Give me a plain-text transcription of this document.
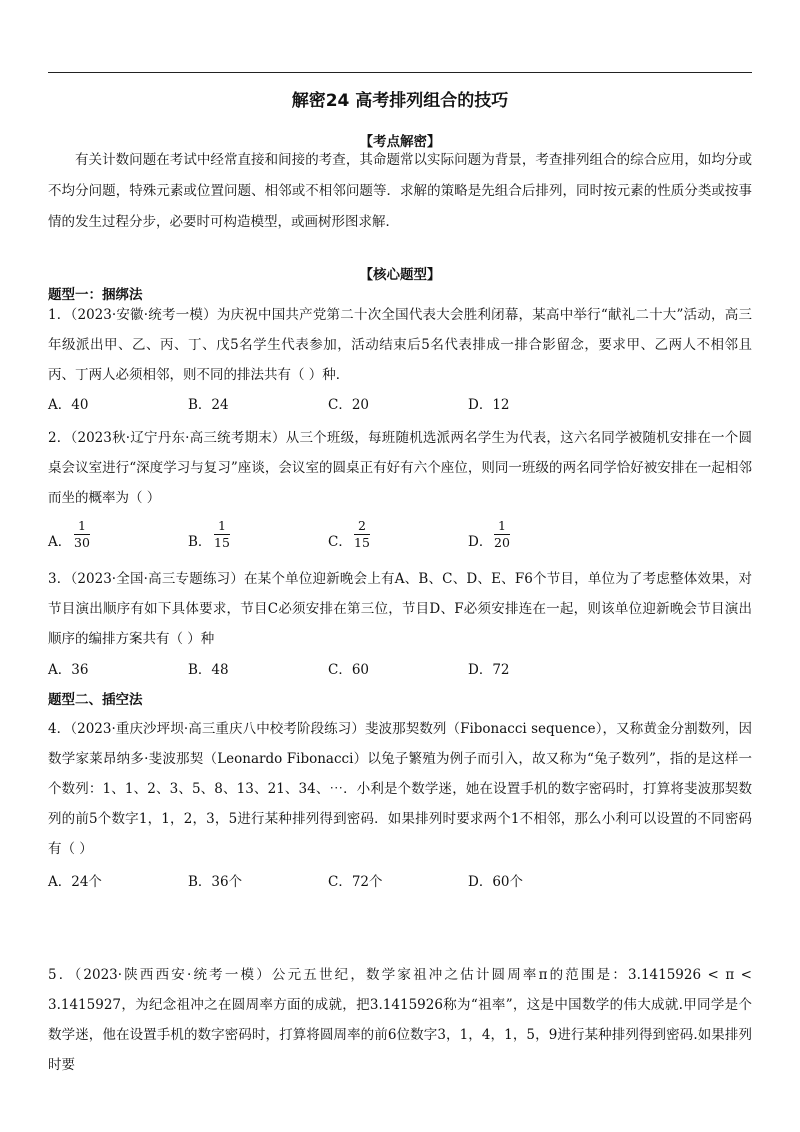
解密24 高考排列组合的技巧
【考点解密】
有关计数问题在考试中经常直接和间接的考查，其命题常以实际问题为背景，考查排列组合的综合应用，如均分或不均分问题，特殊元素或位置问题、相邻或不相邻问题等．求解的策略是先组合后排列，同时按元素的性质分类或按事情的发生过程分步，必要时可构造模型，或画树形图求解．
【核心题型】
题型一：捆绑法
1．（2023·安徽·统考一模）为庆祝中国共产党第二十次全国代表大会胜利闭幕，某高中举行“献礼二十大”活动，高三年级派出甲、乙、丙、丁、戊5名学生代表参加，活动结束后5名代表排成一排合影留念，要求甲、乙两人不相邻且丙、丁两人必须相邻，则不同的排法共有（ ）种．
A．40	B．24	C．20	D．12
2．（2023秋·辽宁丹东·高三统考期末）从三个班级，每班随机选派两名学生为代表，这六名同学被随机安排在一个圆桌会议室进行“深度学习与复习”座谈，会议室的圆桌正有好有六个座位，则同一班级的两名同学恰好被安排在一起相邻而坐的概率为（ ）
A． $\frac{1}{30}$	B． $\frac{1}{15}$	C． $\frac{2}{15}$	D． $\frac{1}{20}$
3．（2023·全国·高三专题练习）在某个单位迎新晚会上有A、B、C、D、E、F6个节目，单位为了考虑整体效果，对节目演出顺序有如下具体要求，节目C必须安排在第三位，节目D、F必须安排连在一起，则该单位迎新晚会节目演出顺序的编排方案共有（ ）种
A．36	B．48	C．60	D．72
题型二、插空法
4．（2023·重庆沙坪坝·高三重庆八中校考阶段练习）斐波那契数列（Fibonacci sequence），又称黄金分割数列，因数学家莱昂纳多·斐波那契（Leonardo Fibonacci）以兔子繁殖为例子而引入，故又称为“兔子数列”，指的是这样一个数列：1、1、2、3、5、8、13、21、34、⋯．小利是个数学迷，她在设置手机的数字密码时，打算将斐波那契数列的前5个数字1，1，2，3，5进行某种排列得到密码．如果排列时要求两个1不相邻，那么小利可以设置的不同密码有（ ）
A．24个	B．36个	C．72个	D．60个
5．（2023·陕西西安·统考一模）公元五世纪，数学家祖冲之估计圆周率π的范围是：3.1415926 < π < 3.1415927，为纪念祖冲之在圆周率方面的成就，把3.1415926称为“祖率”，这是中国数学的伟大成就.甲同学是个数学迷，他在设置手机的数字密码时，打算将圆周率的前6位数字3，1，4，1，5，9进行某种排列得到密码.如果排列时要
